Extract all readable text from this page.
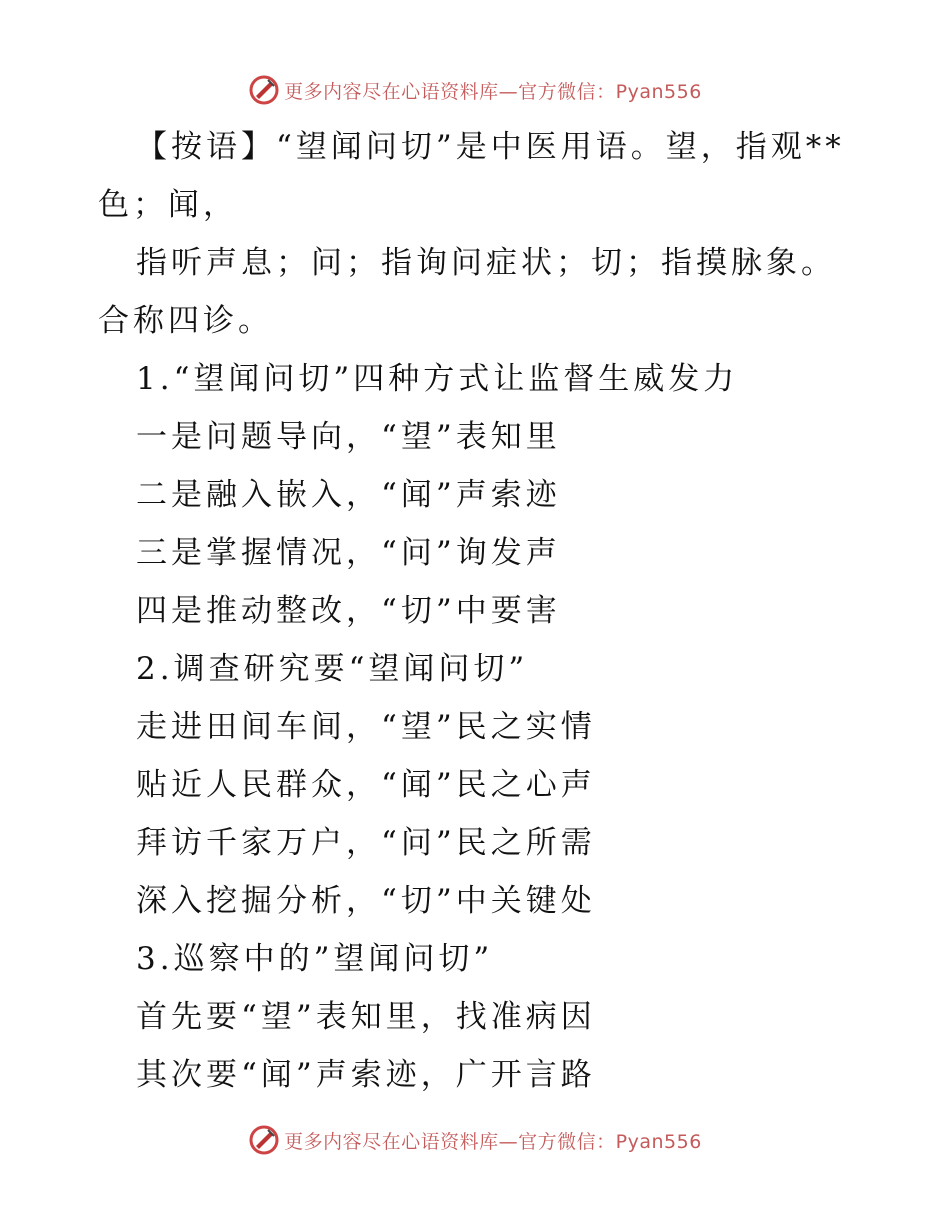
更多内容尽在心语资料库—官方微信：Pyan556

【按语】“望闻问切”是中医用语。望，指观**色；闻，

指听声息；问；指询问症状；切；指摸脉象。合称四诊。

1.“望闻问切”四种方式让监督生威发力

一是问题导向，“望”表知里

二是融入嵌入，“闻”声索迹

三是掌握情况，“问”询发声

四是推动整改，“切”中要害

2.调查研究要“望闻问切”

走进田间车间，“望”民之实情

贴近人民群众，“闻”民之心声

拜访千家万户，“问”民之所需

深入挖掘分析，“切”中关键处

3.巡察中的”望闻问切”

首先要“望”表知里，找准病因

其次要“闻”声索迹，广开言路

更多内容尽在心语资料库—官方微信：Pyan556
